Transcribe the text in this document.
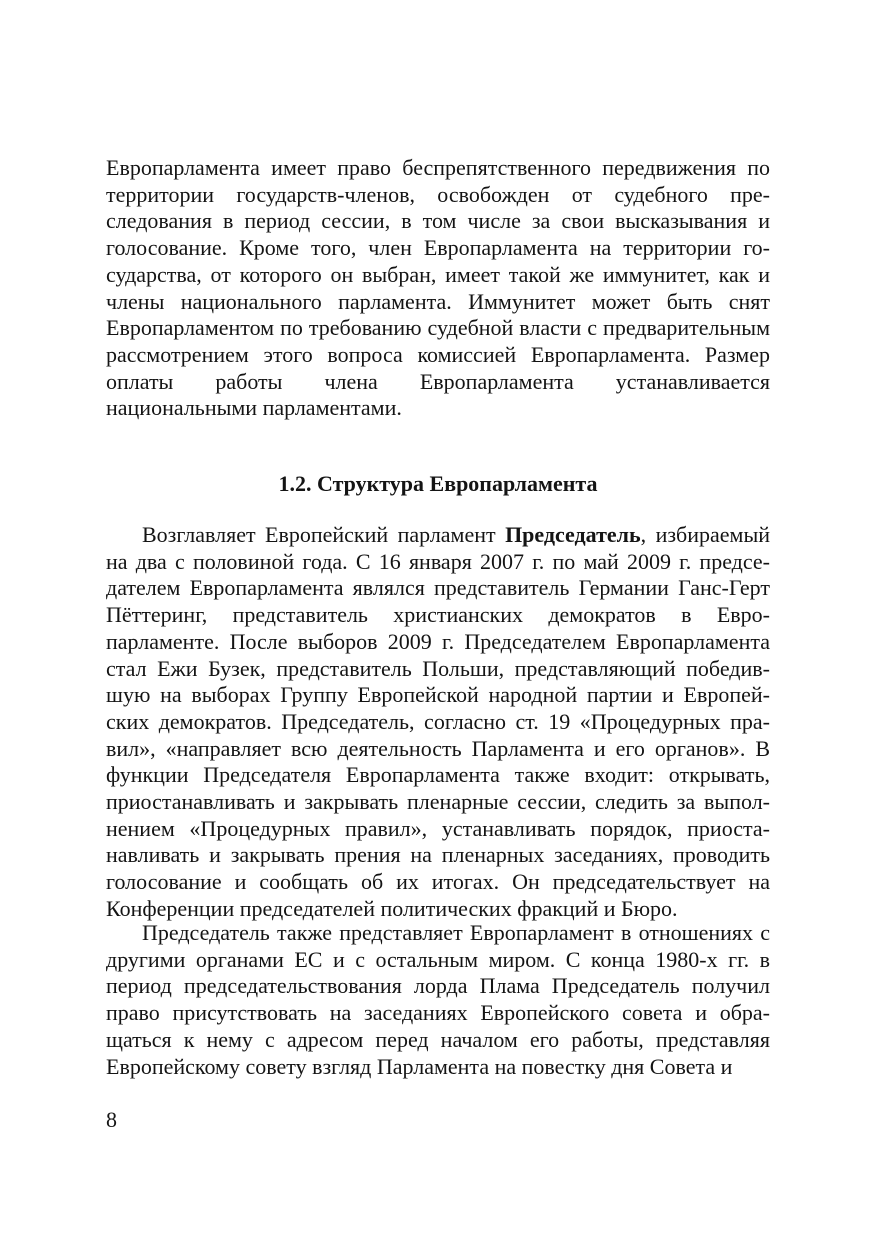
Европарламента имеет право беспрепятственного передвижения по территории государств-членов, освобожден от судебного преследования в период сессии, в том числе за свои высказывания и голосование. Кроме того, член Европарламента на территории государства, от которого он выбран, имеет такой же иммунитет, как и члены национального парламента. Иммунитет может быть снят Европарламентом по требованию судебной власти с предварительным рассмотрением этого вопроса комиссией Европарламента. Размер оплаты работы члена Европарламента устанавливается национальными парламентами.

1.2. Структура Европарламента

Возглавляет Европейский парламент Председатель, избираемый на два с половиной года. С 16 января 2007 г. по май 2009 г. председателем Европарламента являлся представитель Германии Ганс-Герт Пёттеринг, представитель христианских демократов в Европарламенте. После выборов 2009 г. Председателем Европарламента стал Ежи Бузек, представитель Польши, представляющий победившую на выборах Группу Европейской народной партии и Европейских демократов. Председатель, согласно ст. 19 «Процедурных правил», «направляет всю деятельность Парламента и его органов». В функции Председателя Европарламента также входит: открывать, приостанавливать и закрывать пленарные сессии, следить за выполнением «Процедурных правил», устанавливать порядок, приостанавливать и закрывать прения на пленарных заседаниях, проводить голосование и сообщать об их итогах. Он председательствует на Конференции председателей политических фракций и Бюро.

Председатель также представляет Европарламент в отношениях с другими органами ЕС и с остальным миром. С конца 1980-х гг. в период председательствования лорда Плама Председатель получил право присутствовать на заседаниях Европейского совета и обращаться к нему с адресом перед началом его работы, представляя Европейскому совету взгляд Парламента на повестку дня Совета и

8
